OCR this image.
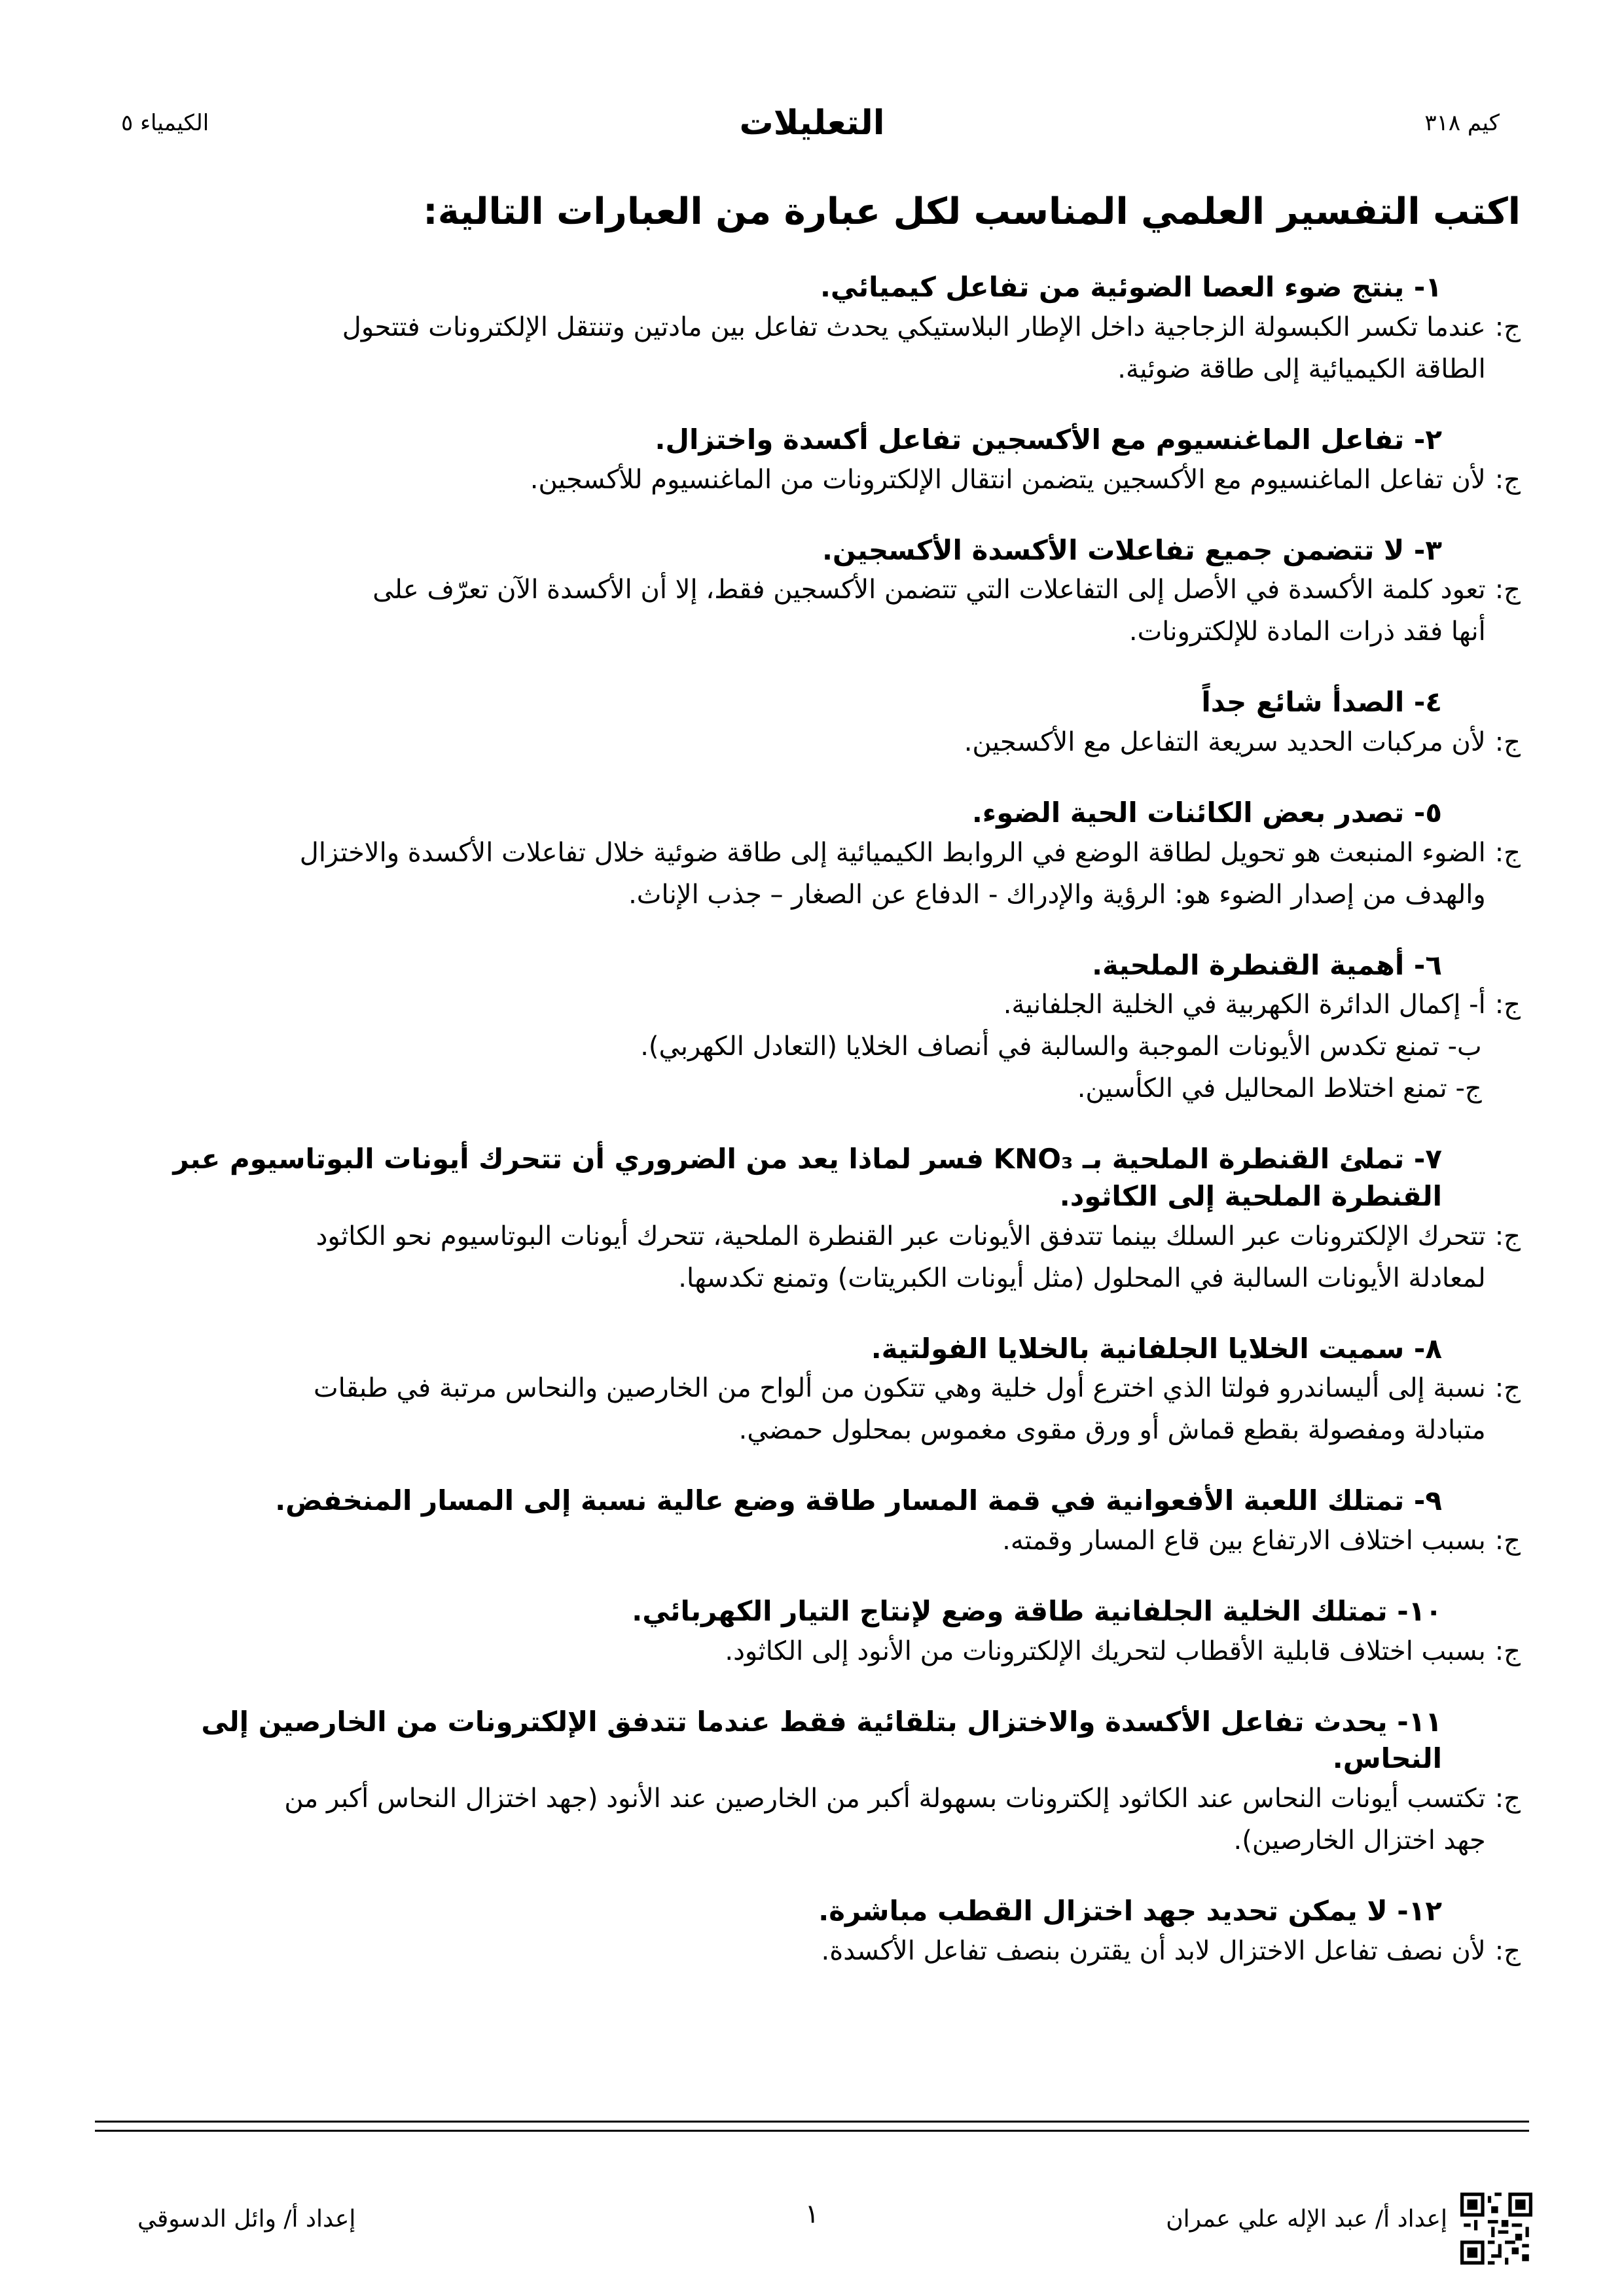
كيم ٣١٨
التعليلات
الكيمياء ٥
اكتب التفسير العلمي المناسب لكل عبارة من العبارات التالية:
١- ينتج ضوء العصا الضوئية من تفاعل كيميائي.
ج:
عندما تكسر الكبسولة الزجاجية داخل الإطار البلاستيكي يحدث تفاعل بين مادتين وتنتقل الإلكترونات فتتحول
الطاقة الكيميائية إلى طاقة ضوئية.
٢- تفاعل الماغنسيوم مع الأكسجين تفاعل أكسدة واختزال.
ج:
لأن تفاعل الماغنسيوم مع الأكسجين يتضمن انتقال الإلكترونات من الماغنسيوم للأكسجين.
٣- لا تتضمن جميع تفاعلات الأكسدة الأكسجين.
ج:
تعود كلمة الأكسدة في الأصل إلى التفاعلات التي تتضمن الأكسجين فقط، إلا أن الأكسدة الآن تعرّف على
أنها فقد ذرات المادة للإلكترونات.
٤- الصدأ شائع جداً
ج:
لأن مركبات الحديد سريعة التفاعل مع الأكسجين.
٥- تصدر بعض الكائنات الحية الضوء.
ج:
الضوء المنبعث هو تحويل لطاقة الوضع في الروابط الكيميائية إلى طاقة ضوئية خلال تفاعلات الأكسدة والاختزال
والهدف من إصدار الضوء هو: الرؤية والإدراك - الدفاع عن الصغار – جذب الإناث.
٦- أهمية القنطرة الملحية.
ج:
أ- إكمال الدائرة الكهربية في الخلية الجلفانية.
ب- تمنع تكدس الأيونات الموجبة والسالبة في أنصاف الخلايا (التعادل الكهربي).
ج- تمنع اختلاط المحاليل في الكأسين.
٧- تملئ القنطرة الملحية بـ KNO₃ فسر لماذا يعد من الضروري أن تتحرك أيونات البوتاسيوم عبر القنطرة الملحية إلى الكاثود.
ج:
تتحرك الإلكترونات عبر السلك بينما تتدفق الأيونات عبر القنطرة الملحية، تتحرك أيونات البوتاسيوم نحو الكاثود
لمعادلة الأيونات السالبة في المحلول (مثل أيونات الكبريتات) وتمنع تكدسها.
٨- سميت الخلايا الجلفانية بالخلايا الفولتية.
ج:
نسبة إلى أليساندرو فولتا الذي اخترع أول خلية وهي تتكون من ألواح من الخارصين والنحاس مرتبة في طبقات
متبادلة ومفصولة بقطع قماش أو ورق مقوى مغموس بمحلول حمضي.
٩- تمتلك اللعبة الأفعوانية في قمة المسار طاقة وضع عالية نسبة إلى المسار المنخفض.
ج:
بسبب اختلاف الارتفاع بين قاع المسار وقمته.
١٠- تمتلك الخلية الجلفانية طاقة وضع لإنتاج التيار الكهربائي.
ج:
بسبب اختلاف قابلية الأقطاب لتحريك الإلكترونات من الأنود إلى الكاثود.
١١- يحدث تفاعل الأكسدة والاختزال بتلقائية فقط عندما تتدفق الإلكترونات من الخارصين إلى النحاس.
ج:
تكتسب أيونات النحاس عند الكاثود إلكترونات بسهولة أكبر من الخارصين عند الأنود (جهد اختزال النحاس أكبر من
جهد اختزال الخارصين).
١٢- لا يمكن تحديد جهد اختزال القطب مباشرة.
ج:
لأن نصف تفاعل الاختزال لابد أن يقترن بنصف تفاعل الأكسدة.
إعداد أ/ عبد الإله علي عمران
١
إعداد أ/ وائل الدسوقي
